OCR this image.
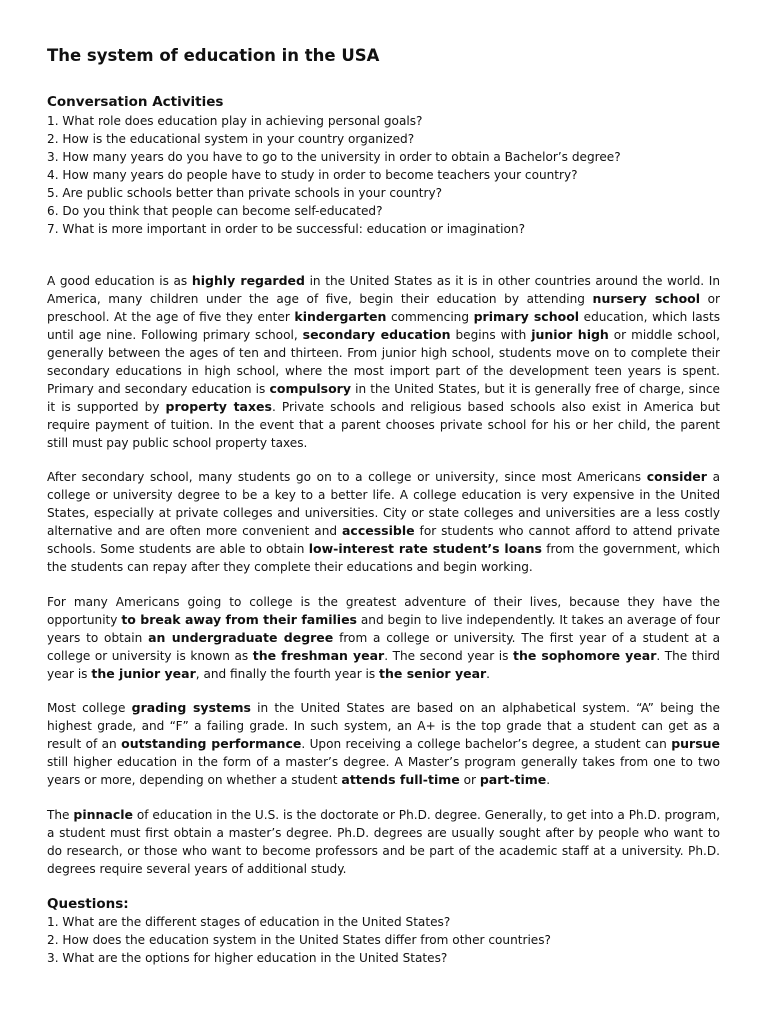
The system of education in the USA
Conversation Activities
1. What role does education play in achieving personal goals?
2. How is the educational system in your country organized?
3. How many years do you have to go to the university in order to obtain a Bachelor’s degree?
4. How many years do people have to study in order to become teachers your country?
5. Are public schools better than private schools in your country?
6. Do you think that people can become self-educated?
7. What is more important in order to be successful: education or imagination?

A good education is as highly regarded in the United States as it is in other countries around the world. In America, many children under the age of five, begin their education by attending nursery school or preschool. At the age of five they enter kindergarten commencing primary school education, which lasts until age nine. Following primary school, secondary education begins with junior high or middle school, generally between the ages of ten and thirteen. From junior high school, students move on to complete their secondary educations in high school, where the most import part of the development teen years is spent. Primary and secondary education is compulsory in the United States, but it is generally free of charge, since it is supported by property taxes. Private schools and religious based schools also exist in America but require payment of tuition. In the event that a parent chooses private school for his or her child, the parent still must pay public school property taxes.

After secondary school, many students go on to a college or university, since most Americans consider a college or university degree to be a key to a better life. A college education is very expensive in the United States, especially at private colleges and universities. City or state colleges and universities are a less costly alternative and are often more convenient and accessible for students who cannot afford to attend private schools. Some students are able to obtain low-interest rate student’s loans from the government, which the students can repay after they complete their educations and begin working.

For many Americans going to college is the greatest adventure of their lives, because they have the opportunity to break away from their families and begin to live independently. It takes an average of four years to obtain an undergraduate degree from a college or university. The first year of a student at a college or university is known as the freshman year. The second year is the sophomore year. The third year is the junior year, and finally the fourth year is the senior year.

Most college grading systems in the United States are based on an alphabetical system. “A” being the highest grade, and “F” a failing grade. In such system, an A+ is the top grade that a student can get as a result of an outstanding performance. Upon receiving a college bachelor’s degree, a student can pursue still higher education in the form of a master’s degree. A Master’s program generally takes from one to two years or more, depending on whether a student attends full-time or part-time.

The pinnacle of education in the U.S. is the doctorate or Ph.D. degree. Generally, to get into a Ph.D. program, a student must first obtain a master’s degree. Ph.D. degrees are usually sought after by people who want to do research, or those who want to become professors and be part of the academic staff at a university. Ph.D. degrees require several years of additional study.

Questions:
1. What are the different stages of education in the United States?
2. How does the education system in the United States differ from other countries?
3. What are the options for higher education in the United States?
